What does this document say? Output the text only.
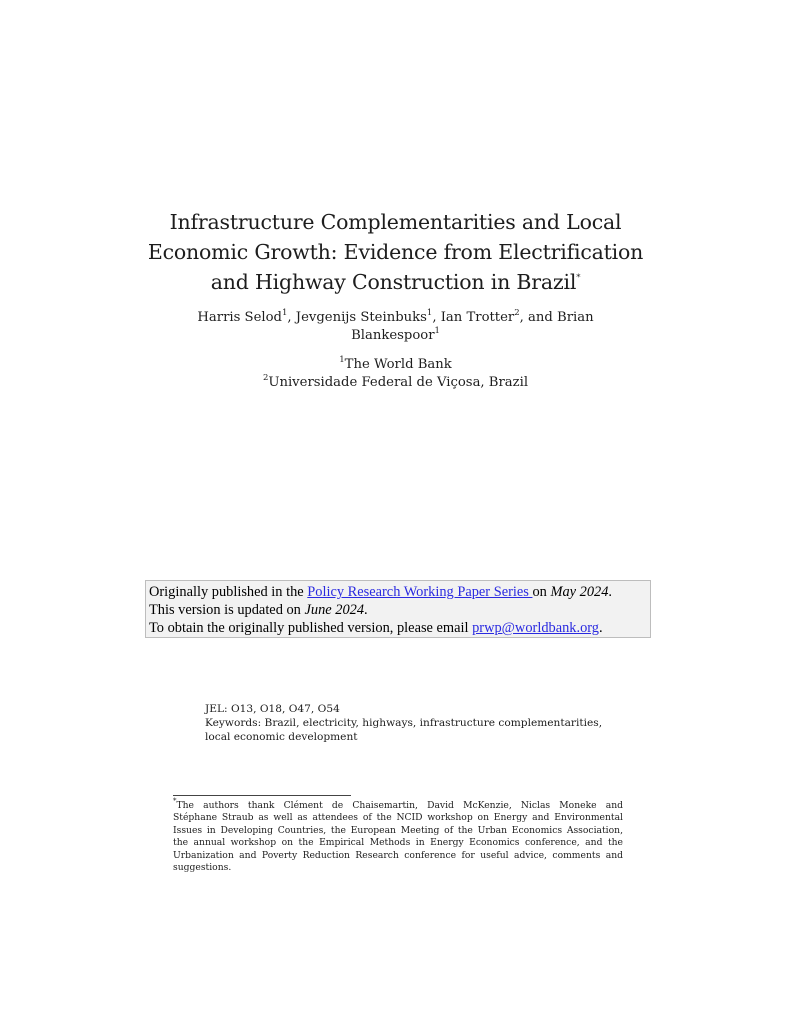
Infrastructure Complementarities and Local
Economic Growth: Evidence from Electrification
and Highway Construction in Brazil*
Harris Selod$^1$, Jevgenijs Steinbuks$^1$, Ian Trotter$^2$, and Brian
Blankespoor$^1$
$^1$The World Bank
$^2$Universidade Federal de Viçosa, Brazil
Originally published in the Policy Research Working Paper Series on May 2024.
This version is updated on June 2024.
To obtain the originally published version, please email prwp@worldbank.org.
JEL: O13, O18, O47, O54
Keywords: Brazil, electricity, highways, infrastructure complementarities,
local economic development
*The authors thank Clément de Chaisemartin, David McKenzie, Niclas Moneke and
Stéphane Straub as well as attendees of the NCID workshop on Energy and Environmental
Issues in Developing Countries, the European Meeting of the Urban Economics Association,
the annual workshop on the Empirical Methods in Energy Economics conference, and the
Urbanization and Poverty Reduction Research conference for useful advice, comments and
suggestions.
